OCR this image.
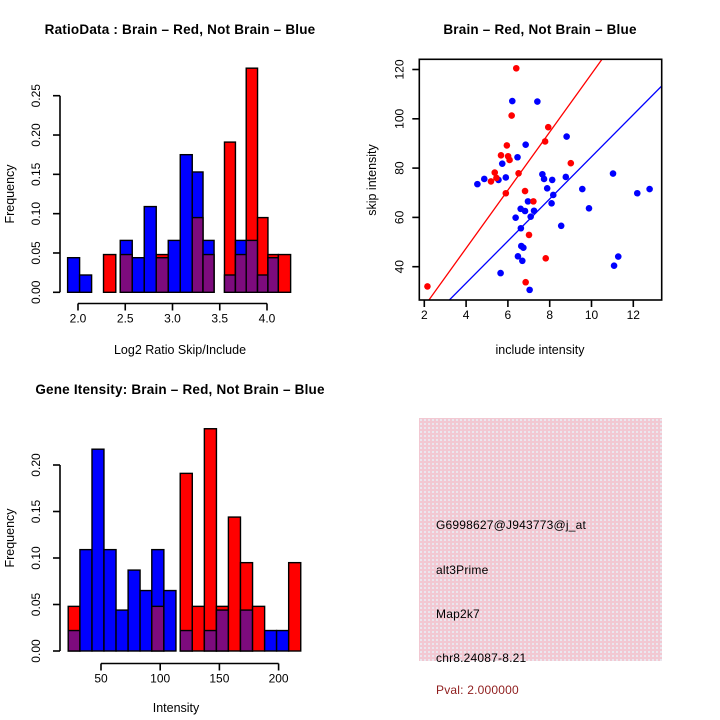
RatioData : Brain – Red, Not Brain – Blue
0.00
0.05
0.10
0.15
0.20
0.25
2.0	2.5	3.0	3.5	4.0
Log2 Ratio Skip/Include
Frequency
Brain – Red, Not Brain – Blue
2	4	6	8	10 12
40
60
80
100
120
include intensity
skip intensity
Gene Itensity: Brain – Red, Not Brain – Blue
0.00
0.05
0.10
0.15
0.20
50	100	150	200
Intensity
Frequency	G6998627@J943773@j_at
alt3Prime
Map2k7
chr8.24087-8.21
Pval: 2.000000
